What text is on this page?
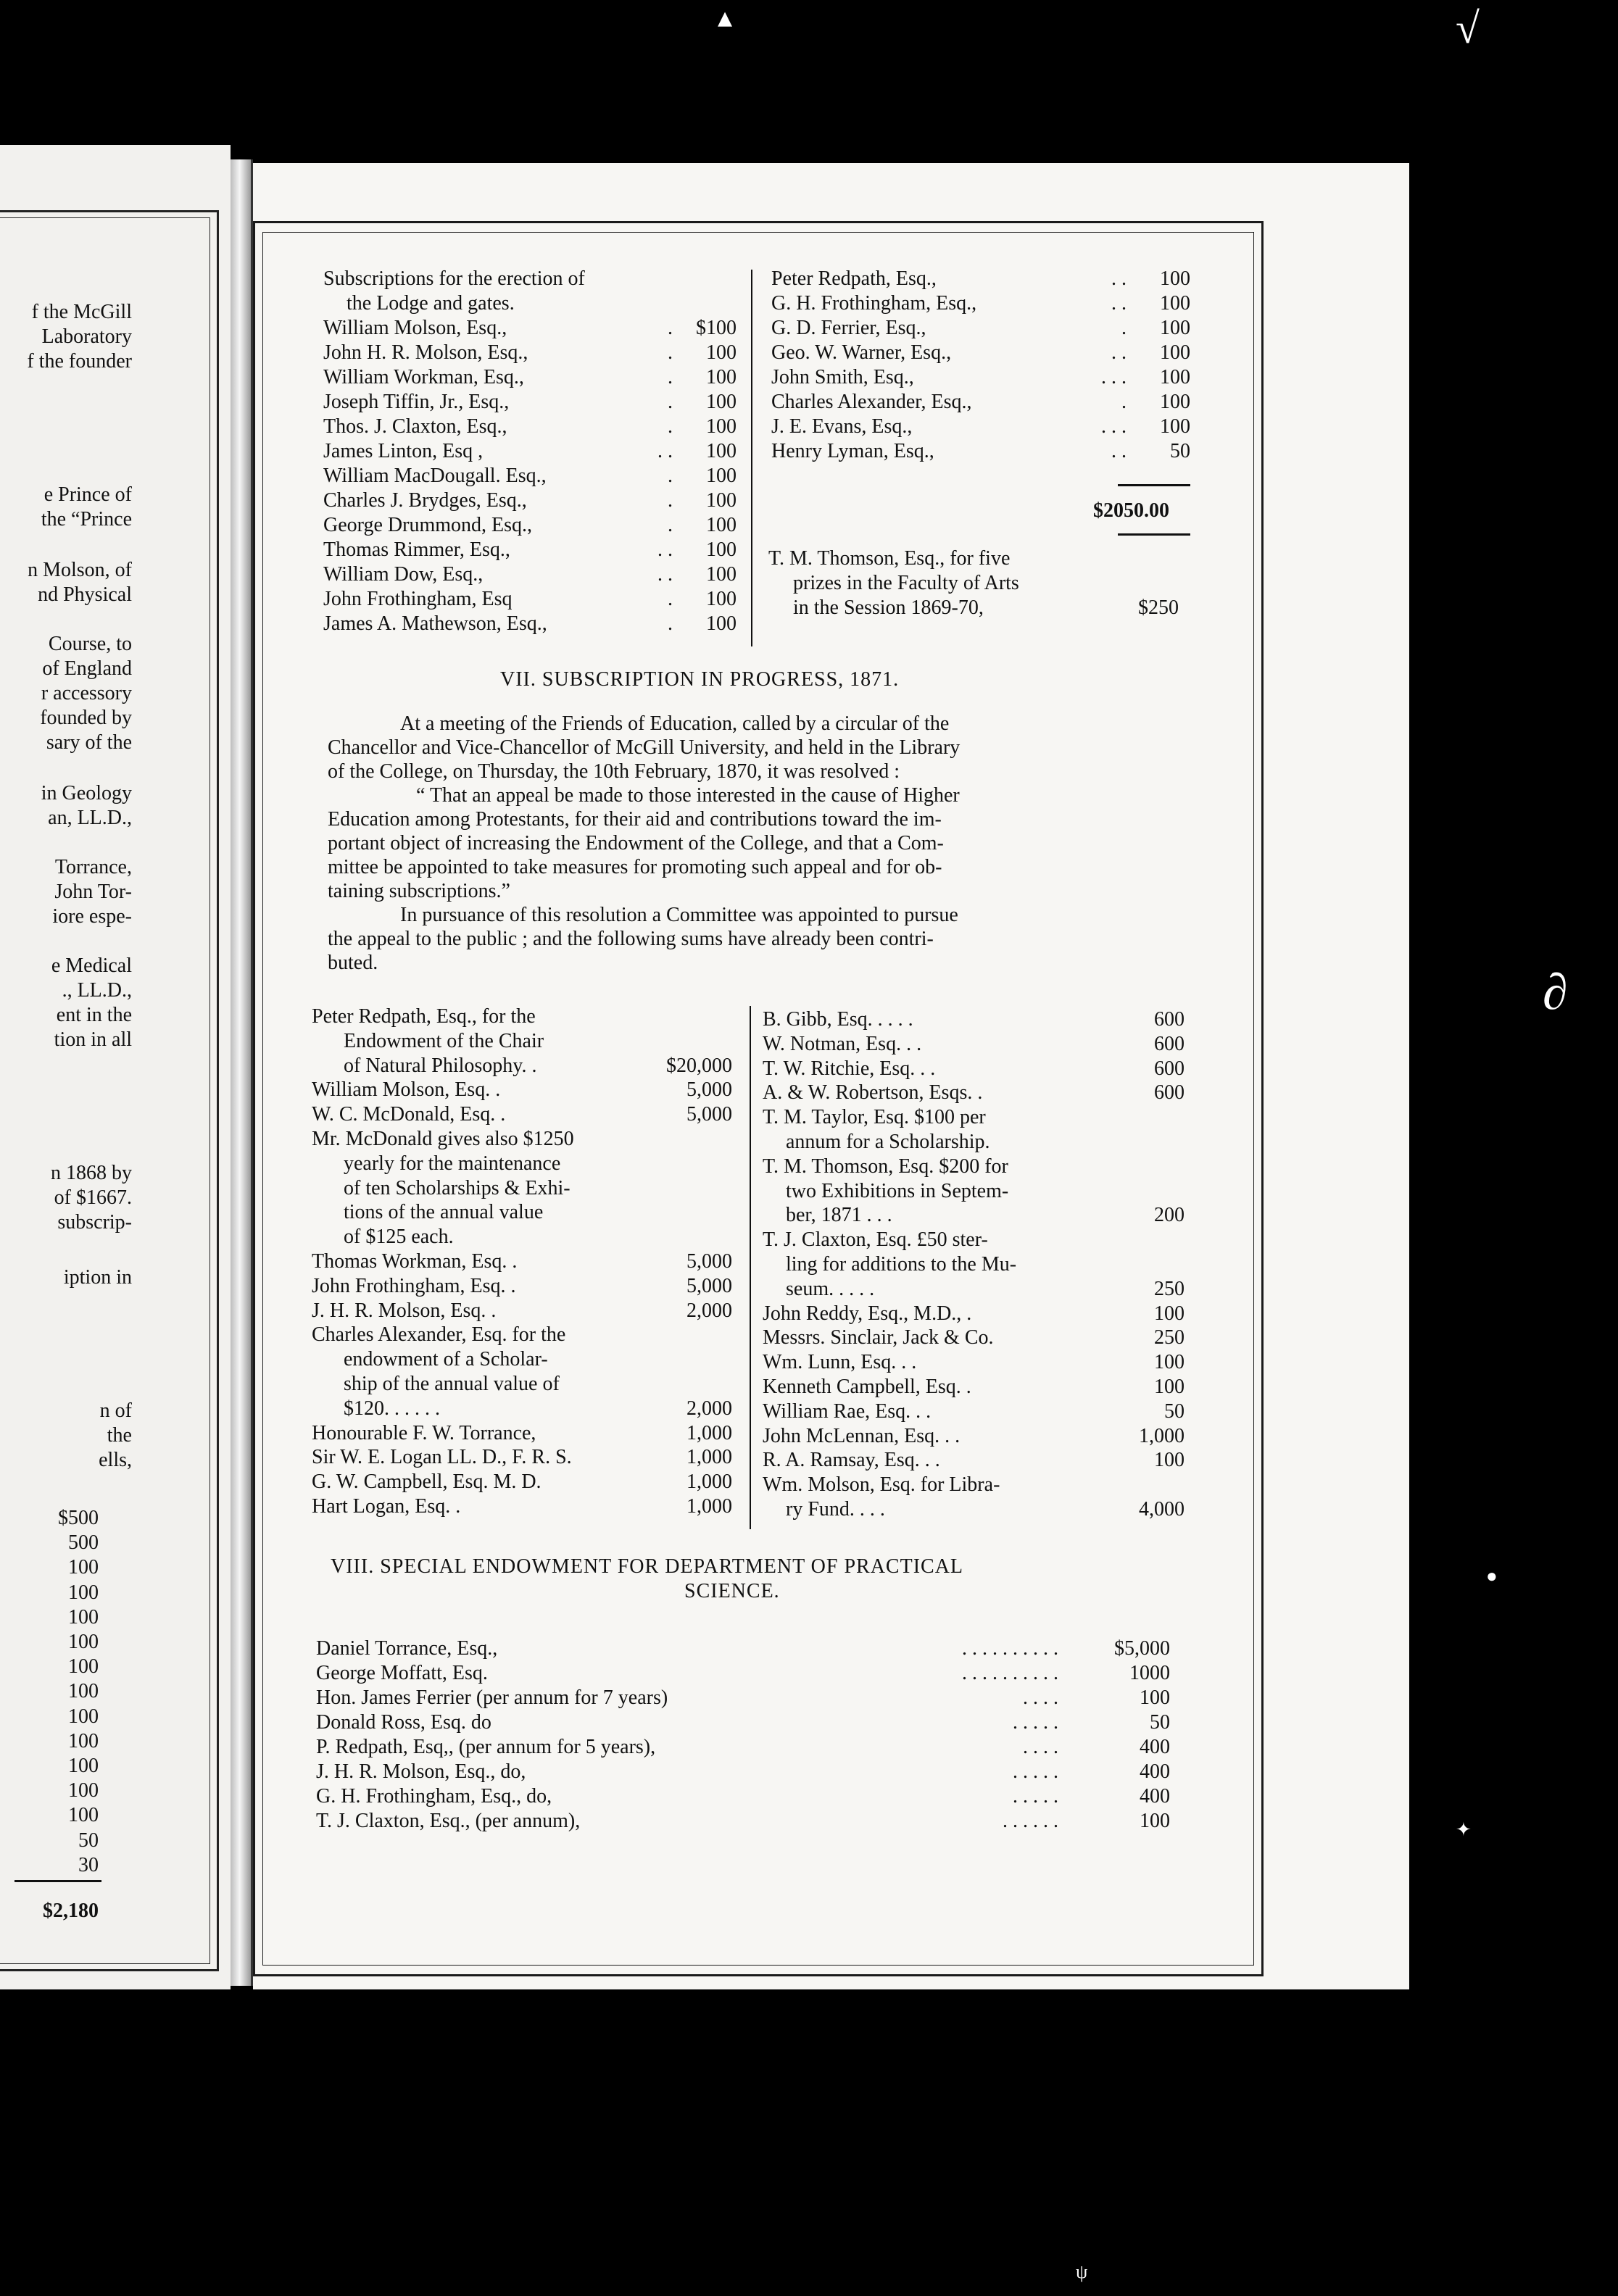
f the McGill
Laboratory
f the founder
e Prince of
the “Prince
n Molson, of
nd Physical
Course, to
of England
r accessory
founded by
sary of the
in Geology
an, LL.D.,
Torrance,
John Tor-
iore espe-
e Medical
., LL.D.,
ent in the
tion in all
n 1868 by
of $1667.
subscrip-
iption in
n of
the
ells,
$500
500
100
100
100
100
100
100
100
100
100
100
100
50
30
$2,180
Subscriptions for the erection of
the Lodge and gates.
William Molson, Esq.,	.	$100
John H. R. Molson, Esq.,	.	100
William Workman, Esq.,	.	100
Joseph Tiffin, Jr., Esq.,	.	100
Thos. J. Claxton, Esq.,	.	100
James Linton, Esq ,	. .	100
William MacDougall. Esq.,	.	100
Charles J. Brydges, Esq.,	.	100
George Drummond, Esq.,	.	100
Thomas Rimmer, Esq.,	. .	100
William Dow, Esq.,	. .	100
John Frothingham, Esq	.	100
James A. Mathewson, Esq.,	.	100
Peter Redpath, Esq.,	. .	100
G. H. Frothingham, Esq.,	. .	100
G. D. Ferrier, Esq.,	.	100
Geo. W. Warner, Esq.,	. .	100
John Smith, Esq.,	. . .	100
Charles Alexander, Esq.,	.	100
J. E. Evans, Esq.,	. . .	100
Henry Lyman, Esq.,	. .	50
$2050.00
T. M. Thomson, Esq., for five
prizes in the Faculty of Arts
in the Session 1869-70,	$250
VII. SUBSCRIPTION IN PROGRESS, 1871.
At a meeting of the Friends of Education, called by a circular of the
Chancellor and Vice-Chancellor of McGill University, and held in the Library
of the College, on Thursday, the 10th February, 1870, it was resolved :
“ That an appeal be made to those interested in the cause of Higher
Education among Protestants, for their aid and contributions toward the im-
portant object of increasing the Endowment of the College, and that a Com-
mittee be appointed to take measures for promoting such appeal and for ob-
taining subscriptions.”
In pursuance of this resolution a Committee was appointed to pursue
the appeal to the public ; and the following sums have already been contri-
buted.
Peter Redpath, Esq., for the
Endowment of the Chair
of Natural Philosophy. .	$20,000
William Molson, Esq. .	5,000
W. C. McDonald, Esq. .	5,000
Mr. McDonald gives also $1250
yearly for the maintenance
of ten Scholarships & Exhi-
tions of the annual value
of $125 each.
Thomas Workman, Esq. .	5,000
John Frothingham, Esq. .	5,000
J. H. R. Molson, Esq. .	2,000
Charles Alexander, Esq. for the
endowment of a Scholar-
ship of the annual value of
$120. . . . . .	2,000
Honourable F. W. Torrance,	1,000
Sir W. E. Logan LL. D., F. R. S.	1,000
G. W. Campbell, Esq. M. D.	1,000
Hart Logan, Esq. .	1,000
B. Gibb, Esq. . . . .	600
W. Notman, Esq. . .	600
T. W. Ritchie, Esq. . .	600
A. & W. Robertson, Esqs. .	600
T. M. Taylor, Esq. $100 per
annum for a Scholarship.
T. M. Thomson, Esq. $200 for
two Exhibitions in Septem-
ber, 1871 . . .	200
T. J. Claxton, Esq. £50 ster-
ling for additions to the Mu-
seum. . . . .	250
John Reddy, Esq., M.D., .	100
Messrs. Sinclair, Jack & Co.	250
Wm. Lunn, Esq. . .	100
Kenneth Campbell, Esq. .	100
William Rae, Esq. . .	50
John McLennan, Esq. . .	1,000
R. A. Ramsay, Esq. . .	100
Wm. Molson, Esq. for Libra-
ry Fund. . . .	4,000
VIII. SPECIAL ENDOWMENT FOR DEPARTMENT OF PRACTICAL
SCIENCE.
Daniel Torrance, Esq.,	. . . . . . . . . .	$5,000
George Moffatt, Esq.	. . . . . . . . . .	1000
Hon. James Ferrier (per annum for 7 years)	. . . .	100
Donald Ross, Esq. do	. . . . .	50
P. Redpath, Esq,, (per annum for 5 years),	. . . .	400
J. H. R. Molson, Esq., do,	. . . . .	400
G. H. Frothingham, Esq., do,	. . . . .	400
T. J. Claxton, Esq., (per annum),	. . . . . .	100
▴	√
∂
●
✦
ψ
